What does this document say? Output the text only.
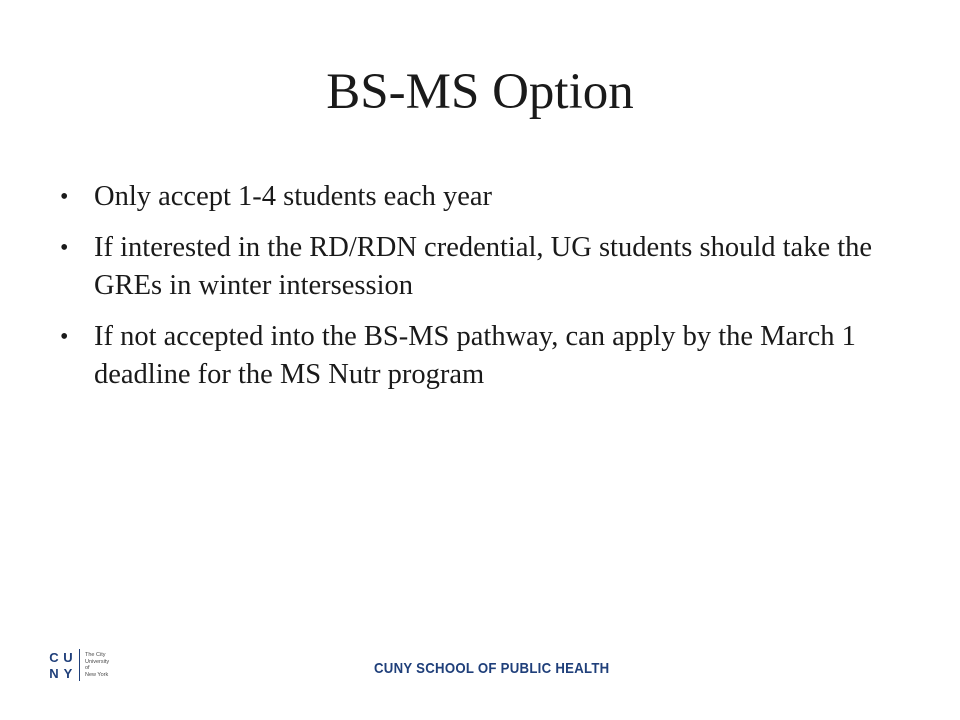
BS-MS Option
• Only accept 1-4 students each year
• If interested in the RD/RDN credential, UG students should take the GREs in winter intersession
• If not accepted into the BS-MS pathway, can apply by the March 1 deadline for the MS Nutr program
C U
N Y
The City
University
of
New York	CUNY SCHOOL OF PUBLIC HEALTH
